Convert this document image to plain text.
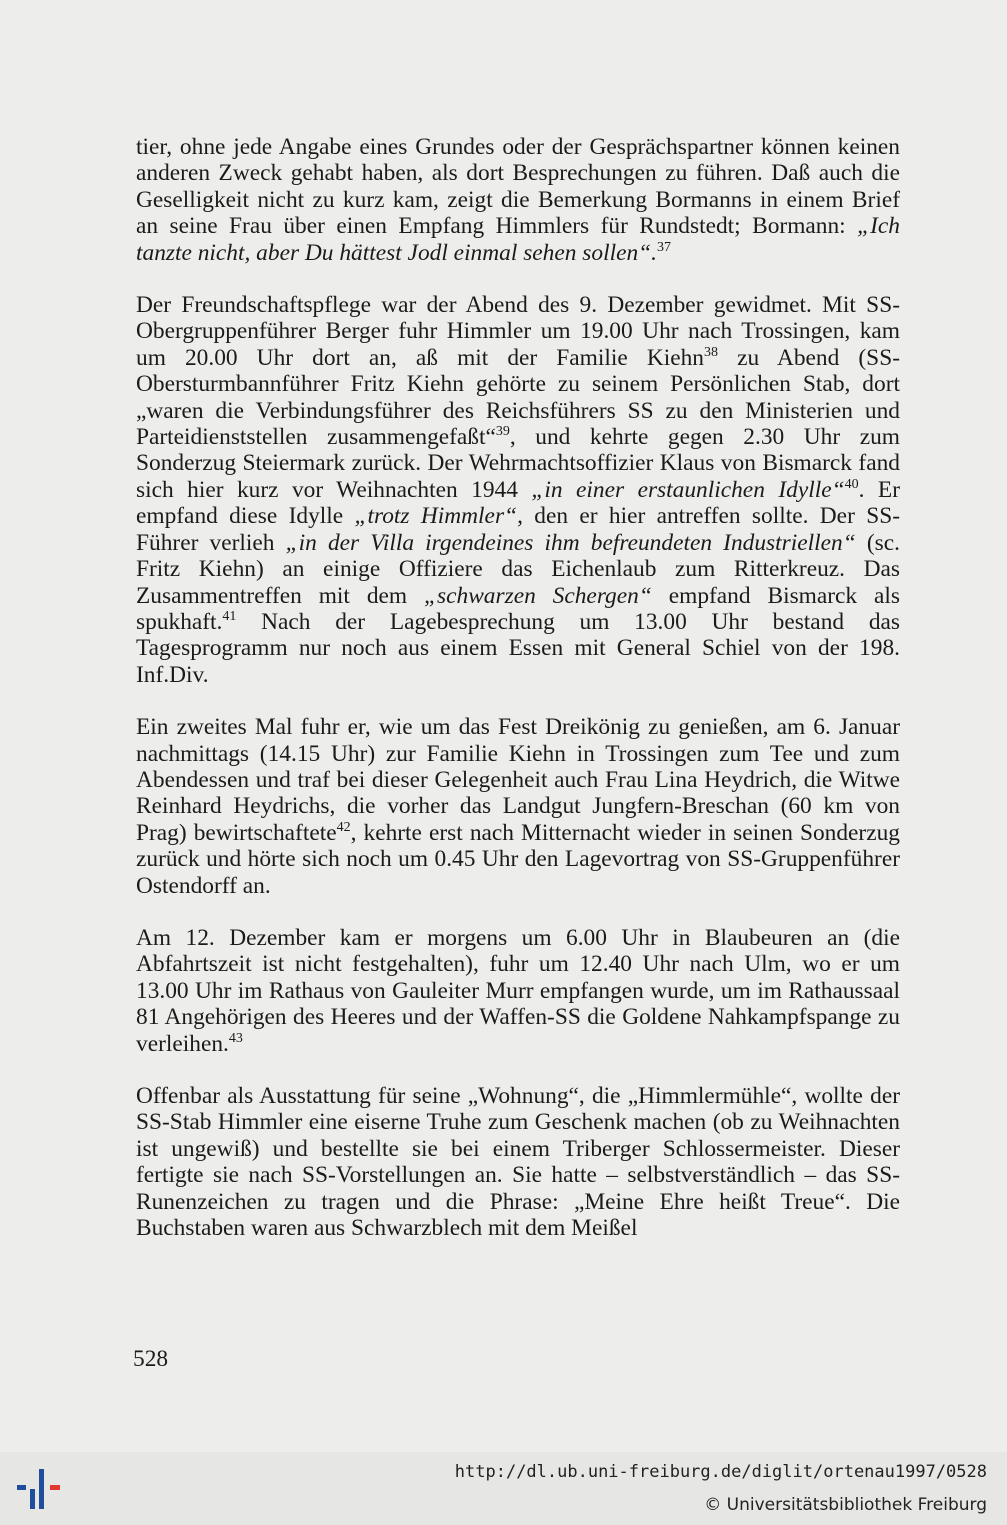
tier, ohne jede Angabe eines Grundes oder der Gesprächspartner können keinen anderen Zweck gehabt haben, als dort Besprechungen zu führen. Daß auch die Geselligkeit nicht zu kurz kam, zeigt die Bemerkung Bormanns in einem Brief an seine Frau über einen Empfang Himmlers für Rundstedt; Bormann: „Ich tanzte nicht, aber Du hättest Jodl einmal sehen sollen“.$^{37}$

Der Freundschaftspflege war der Abend des 9. Dezember gewidmet. Mit SS-Obergruppenführer Berger fuhr Himmler um 19.00 Uhr nach Trossingen, kam um 20.00 Uhr dort an, aß mit der Familie Kiehn$^{38}$ zu Abend (SS-Obersturmbannführer Fritz Kiehn gehörte zu seinem Persönlichen Stab, dort „waren die Verbindungsführer des Reichsführers SS zu den Ministerien und Parteidienststellen zusammengefaßt“$^{39}$, und kehrte gegen 2.30 Uhr zum Sonderzug Steiermark zurück. Der Wehrmachtsoffizier Klaus von Bismarck fand sich hier kurz vor Weihnachten 1944 „in einer erstaunlichen Idylle“$^{40}$. Er empfand diese Idylle „trotz Himmler“, den er hier antreffen sollte. Der SS-Führer verlieh „in der Villa irgendeines ihm befreundeten Industriellen“ (sc. Fritz Kiehn) an einige Offiziere das Eichenlaub zum Ritterkreuz. Das Zusammentreffen mit dem „schwarzen Schergen“ empfand Bismarck als spukhaft.$^{41}$ Nach der Lagebesprechung um 13.00 Uhr bestand das Tagesprogramm nur noch aus einem Essen mit General Schiel von der 198. Inf.Div.

Ein zweites Mal fuhr er, wie um das Fest Dreikönig zu genießen, am 6. Januar nachmittags (14.15 Uhr) zur Familie Kiehn in Trossingen zum Tee und zum Abendessen und traf bei dieser Gelegenheit auch Frau Lina Heydrich, die Witwe Reinhard Heydrichs, die vorher das Landgut Jungfern-Breschan (60 km von Prag) bewirtschaftete$^{42}$, kehrte erst nach Mitternacht wieder in seinen Sonderzug zurück und hörte sich noch um 0.45 Uhr den Lagevortrag von SS-Gruppenführer Ostendorff an.

Am 12. Dezember kam er morgens um 6.00 Uhr in Blaubeuren an (die Abfahrtszeit ist nicht festgehalten), fuhr um 12.40 Uhr nach Ulm, wo er um 13.00 Uhr im Rathaus von Gauleiter Murr empfangen wurde, um im Rathaussaal 81 Angehörigen des Heeres und der Waffen-SS die Goldene Nahkampfspange zu verleihen.$^{43}$

Offenbar als Ausstattung für seine „Wohnung“, die „Himmlermühle“, wollte der SS-Stab Himmler eine eiserne Truhe zum Geschenk machen (ob zu Weihnachten ist ungewiß) und bestellte sie bei einem Triberger Schlossermeister. Dieser fertigte sie nach SS-Vorstellungen an. Sie hatte – selbstverständlich – das SS-Runenzeichen zu tragen und die Phrase: „Meine Ehre heißt Treue“. Die Buchstaben waren aus Schwarzblech mit dem Meißel

528
http://dl.ub.uni-freiburg.de/diglit/ortenau1997/0528
© Universitätsbibliothek Freiburg
